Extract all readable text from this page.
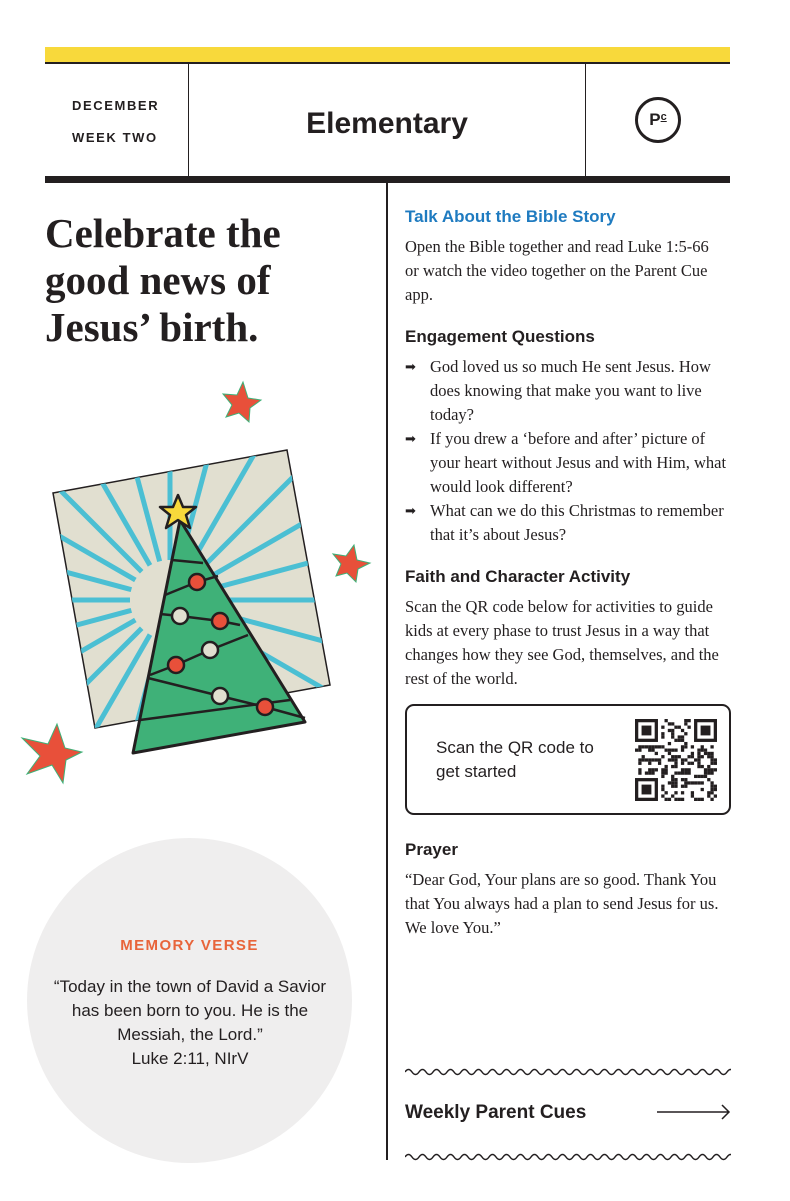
DECEMBER
WEEK TWO	Elementary	P c
Celebrate the good news of Jesus’ birth.
MEMORY VERSE
“Today in the town of David a Savior has been born to you. He is the Messiah, the Lord.”
Luke 2:11, NIrV
Talk About the Bible Story

Open the Bible together and read Luke 1:5-66 or watch the video together on the Parent Cue app.

Engagement Questions
➡ God loved us so much He sent Jesus. How does knowing that make you want to live today?
➡ If you drew a ‘before and after’ picture of your heart without Jesus and with Him, what would look different?
➡ What can we do this Christmas to remember that it’s about Jesus?
Faith and Character Activity

Scan the QR code below for activities to guide kids at every phase to trust Jesus in a way that changes how they see God, themselves, and the rest of the world.

Scan the QR code to get started
Prayer

“Dear God, Your plans are so good. Thank You that You always had a plan to send Jesus for us. We love You.”

Weekly Parent Cues
